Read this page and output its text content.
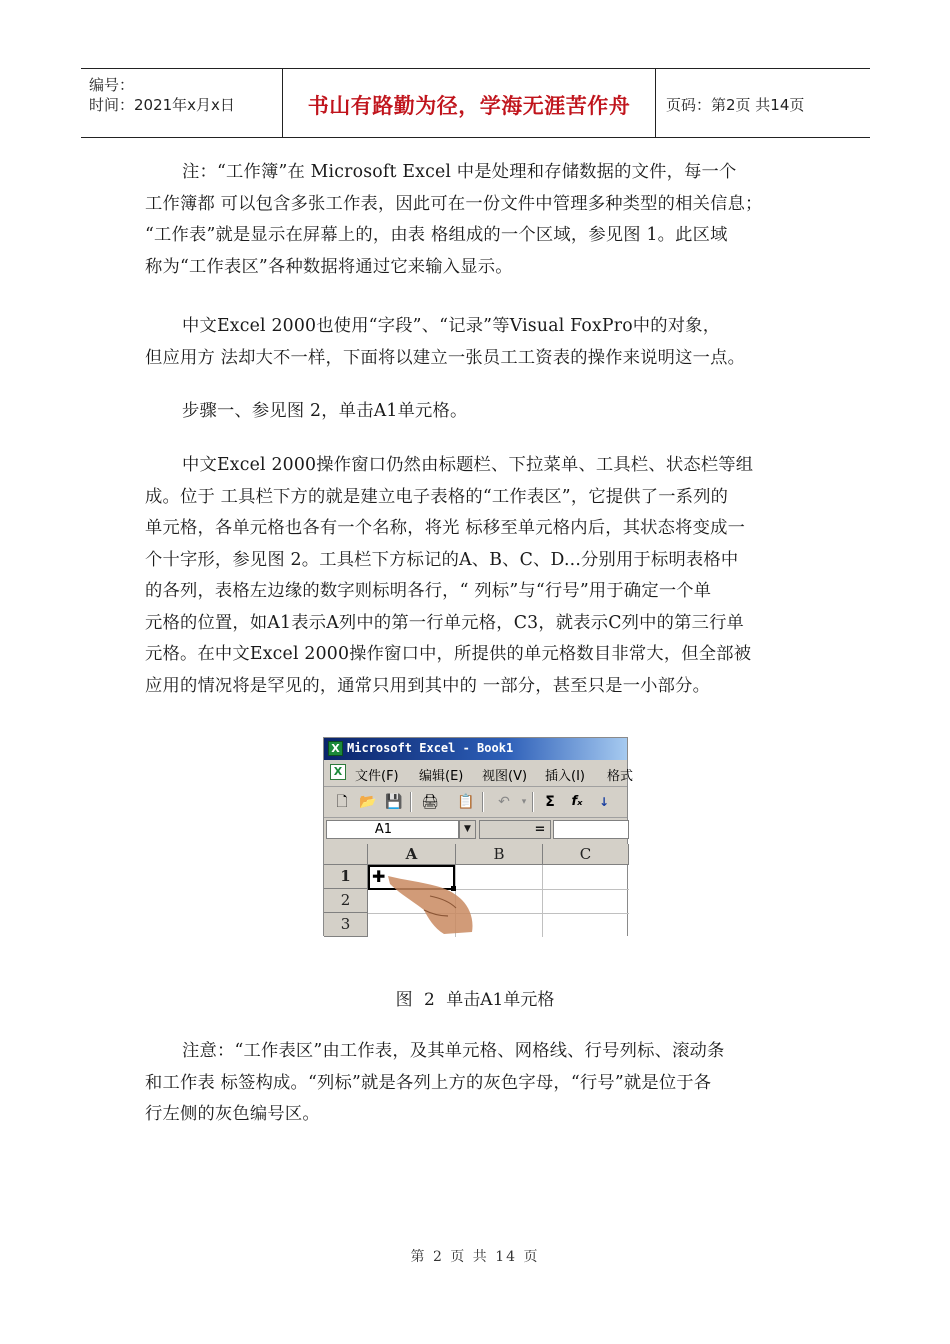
编号：
时间：2021年x月x日	书山有路勤为径，学海无涯苦作舟	页码：第2页 共14页
注：“工作簿”在 Microsoft Excel 中是处理和存储数据的文件，每一个
工作簿都 可以包含多张工作表，因此可在一份文件中管理多种类型的相关信息；
“工作表”就是显示在屏幕上的，由表 格组成的一个区域，参见图 1。此区域
称为“工作表区”各种数据将通过它来输入显示。
中文Excel 2000也使用“字段”、“记录”等Visual FoxPro中的对象，
但应用方 法却大不一样，下面将以建立一张员工工资表的操作来说明这一点。
步骤一、参见图 2，单击A1单元格。
中文Excel 2000操作窗口仍然由标题栏、下拉菜单、工具栏、状态栏等组
成。位于 工具栏下方的就是建立电子表格的“工作表区”，它提供了一系列的
单元格，各单元格也各有一个名称，将光 标移至单元格内后，其状态将变成一
个十字形，参见图 2。工具栏下方标记的A、B、C、D...分别用于标明表格中
的各列，表格左边缘的数字则标明各行，“ 列标”与“行号”用于确定一个单
元格的位置，如A1表示A列中的第一行单元格，C3，就表示C列中的第三行单
元格。在中文Excel 2000操作窗口中，所提供的单元格数目非常大，但全部被
应用的情况将是罕见的，通常只用到其中的 一部分，甚至只是一小部分。
X Microsoft Excel - Book1
X 文件(F) 编辑(E) 视图(V) 插入(I) 格式
🗋 📂 💾 🖨 📋 ↶	▾	Σ	fₓ	↓
A1	▼	=
A	B	C
1
2
3
✚
图 2 单击A1单元格
注意：“工作表区”由工作表，及其单元格、网格线、行号列标、滚动条
和工作表 标签构成。“列标”就是各列上方的灰色字母，“行号”就是位于各
行左侧的灰色编号区。
第 2 页 共 14 页
